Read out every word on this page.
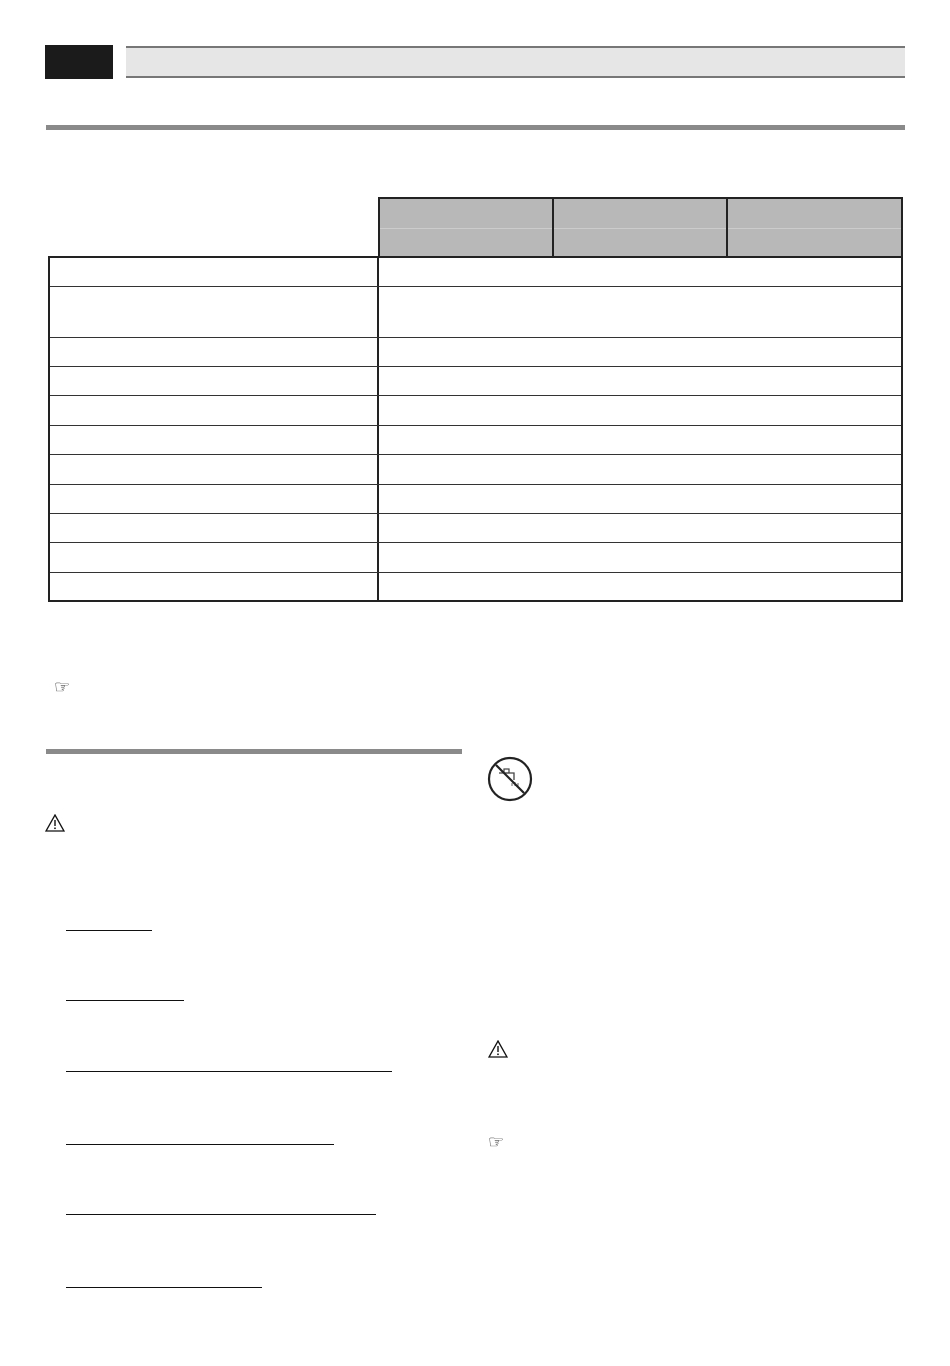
☞
☞
